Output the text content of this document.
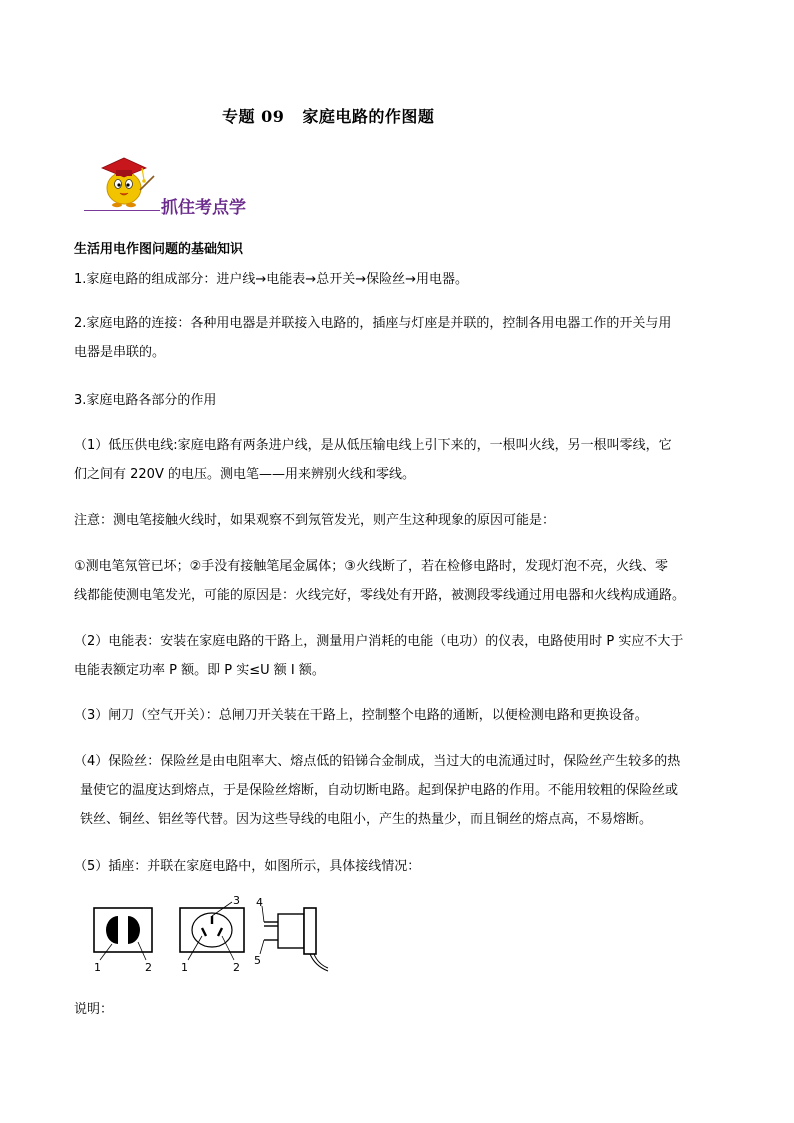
专题 09 家庭电路的作图题
抓住考点学
生活用电作图问题的基础知识
1.家庭电路的组成部分：进户线→电能表→总开关→保险丝→用电器。
2.家庭电路的连接：各种用电器是并联接入电路的，插座与灯座是并联的，控制各用电器工作的开关与用
电器是串联的。
3.家庭电路各部分的作用
（1）低压供电线:家庭电路有两条进户线，是从低压输电线上引下来的，一根叫火线，另一根叫零线，它
们之间有 220V 的电压。测电笔——用来辨别火线和零线。
注意：测电笔接触火线时，如果观察不到氖管发光，则产生这种现象的原因可能是：
①测电笔氖管已坏；②手没有接触笔尾金属体；③火线断了，若在检修电路时，发现灯泡不亮，火线、零
线都能使测电笔发光，可能的原因是：火线完好，零线处有开路，被测段零线通过用电器和火线构成通路。
（2）电能表：安装在家庭电路的干路上，测量用户消耗的电能（电功）的仪表，电路使用时 P 实应不大于
电能表额定功率 P 额。即 P 实≤U 额 I 额。
（3）闸刀（空气开关）：总闸刀开关装在干路上，控制整个电路的通断，以便检测电路和更换设备。
（4）保险丝：保险丝是由电阻率大、熔点低的铅锑合金制成，当过大的电流通过时，保险丝产生较多的热
量使它的温度达到熔点，于是保险丝熔断，自动切断电路。起到保护电路的作用。不能用较粗的保险丝或
铁丝、铜丝、铝丝等代替。因为这些导线的电阻小，产生的热量少，而且铜丝的熔点高，不易熔断。
（5）插座：并联在家庭电路中，如图所示，具体接线情况：
1	2	1	2
3 4
5
说明：
